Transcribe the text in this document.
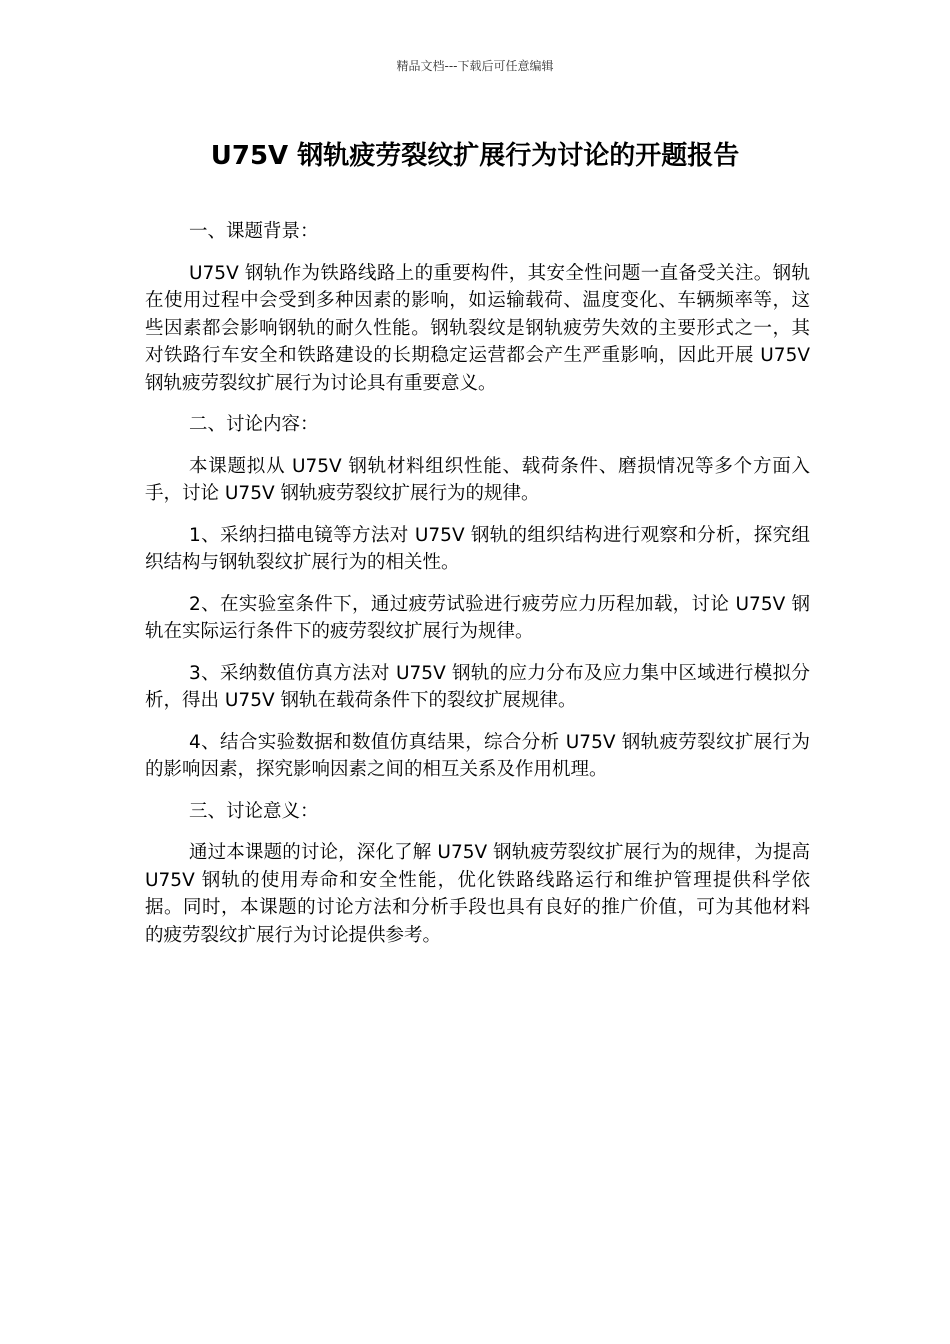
精品文档---下载后可任意编辑
U75V 钢轨疲劳裂纹扩展行为讨论的开题报告

一、课题背景：

U75V 钢轨作为铁路线路上的重要构件，其安全性问题一直备受关注。钢轨在使用过程中会受到多种因素的影响，如运输载荷、温度变化、车辆频率等，这些因素都会影响钢轨的耐久性能。钢轨裂纹是钢轨疲劳失效的主要形式之一，其对铁路行车安全和铁路建设的长期稳定运营都会产生严重影响，因此开展 U75V 钢轨疲劳裂纹扩展行为讨论具有重要意义。

二、讨论内容：

本课题拟从 U75V 钢轨材料组织性能、载荷条件、磨损情况等多个方面入手，讨论 U75V 钢轨疲劳裂纹扩展行为的规律。

1、采纳扫描电镜等方法对 U75V 钢轨的组织结构进行观察和分析，探究组织结构与钢轨裂纹扩展行为的相关性。

2、在实验室条件下，通过疲劳试验进行疲劳应力历程加载，讨论 U75V 钢轨在实际运行条件下的疲劳裂纹扩展行为规律。

3、采纳数值仿真方法对 U75V 钢轨的应力分布及应力集中区域进行模拟分析，得出 U75V 钢轨在载荷条件下的裂纹扩展规律。

4、结合实验数据和数值仿真结果，综合分析 U75V 钢轨疲劳裂纹扩展行为的影响因素，探究影响因素之间的相互关系及作用机理。

三、讨论意义：

通过本课题的讨论，深化了解 U75V 钢轨疲劳裂纹扩展行为的规律，为提高 U75V 钢轨的使用寿命和安全性能，优化铁路线路运行和维护管理提供科学依据。同时，本课题的讨论方法和分析手段也具有良好的推广价值，可为其他材料的疲劳裂纹扩展行为讨论提供参考。
